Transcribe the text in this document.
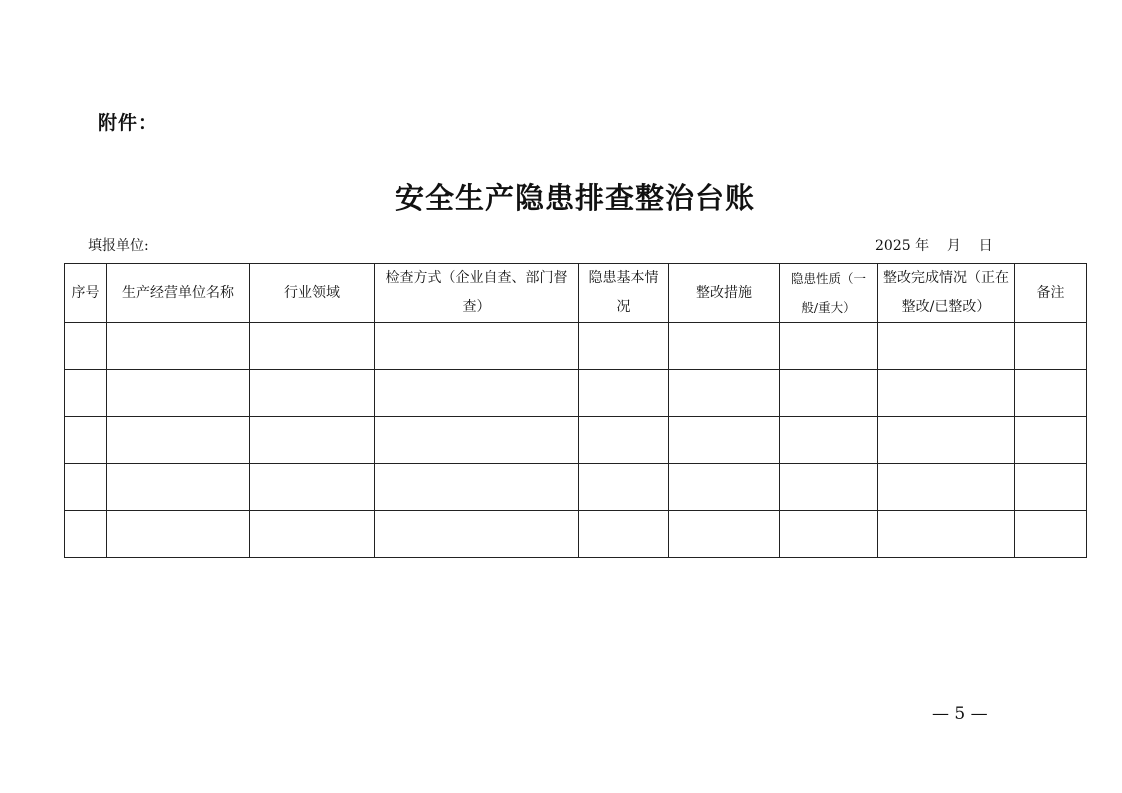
附件：
安全生产隐患排查整治台账
填报单位:	2025 年    月    日
序号	生产经营单位名称	行业领域	检查方式（企业自查、部门督查）	隐患基本情况	整改措施	隐患性质（一般/重大）	整改完成情况（正在整改/已整改）	备注

— 5 —
